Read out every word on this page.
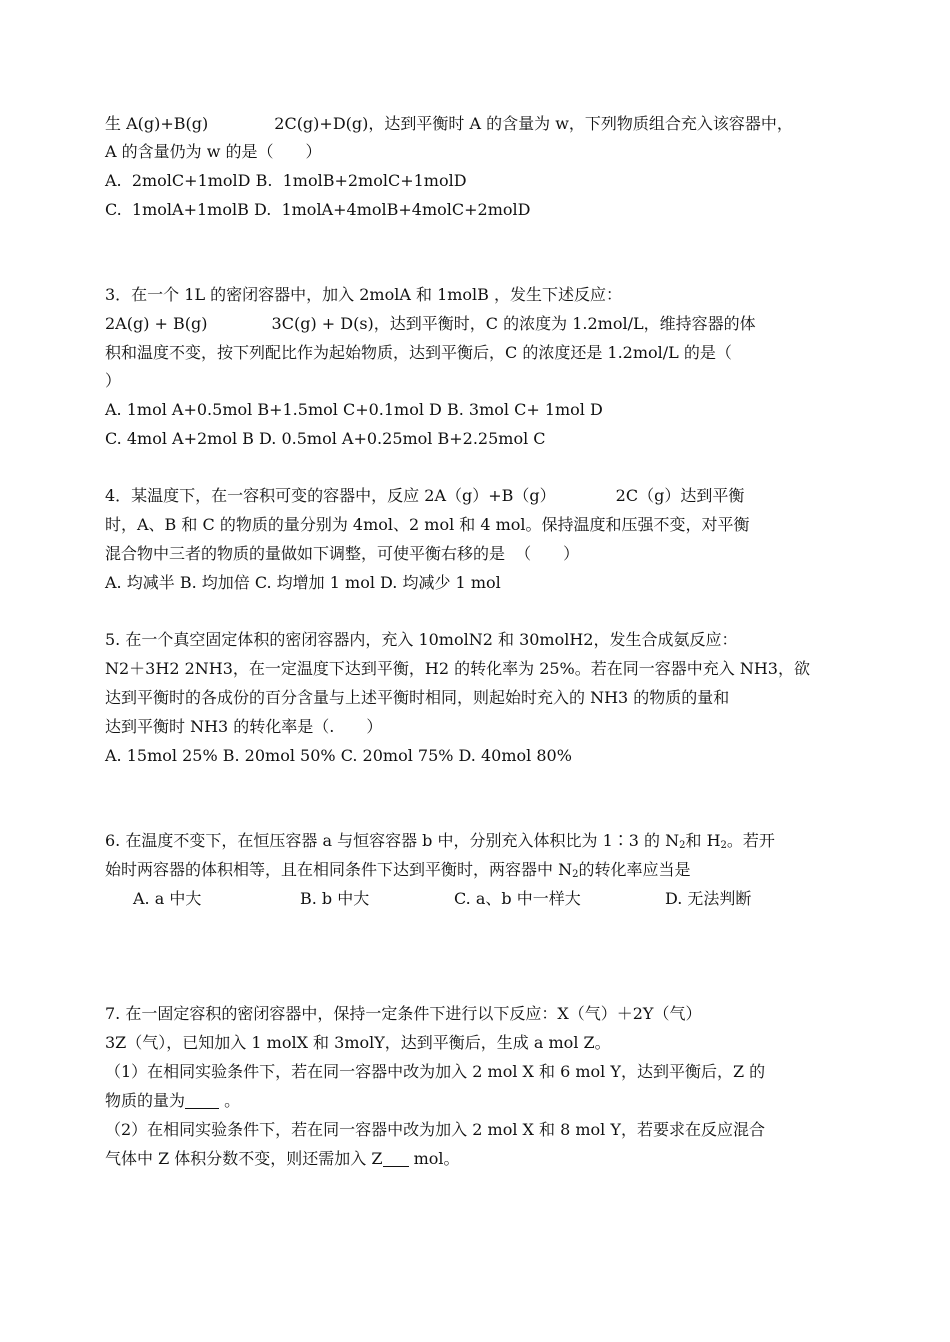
生 A(g)+B(g)	2C(g)+D(g)，达到平衡时 A 的含量为 w，下列物质组合充入该容器中，
A 的含量仍为 w 的是（　　）
A.  2molC+1molD B.  1molB+2molC+1molD
C.  1molA+1molB D.  1molA+4molB+4molC+2molD
3．在一个 1L 的密闭容器中，加入 2molA 和 1molB ，发生下述反应：
2A(g) + B(g)	3C(g) + D(s)，达到平衡时，C 的浓度为 1.2mol/L，维持容器的体
积和温度不变，按下列配比作为起始物质，达到平衡后，C 的浓度还是 1.2mol/L 的是（
）
A. 1mol A+0.5mol B+1.5mol C+0.1mol D B. 3mol C+ 1mol D
C. 4mol A+2mol B D. 0.5mol A+0.25mol B+2.25mol C
4．某温度下，在一容积可变的容器中，反应 2A（g）+B（g）	2C（g）达到平衡
时，A、B 和 C 的物质的量分别为 4mol、2 mol 和 4 mol。保持温度和压强不变，对平衡
混合物中三者的物质的量做如下调整，可使平衡右移的是  （　　）
A. 均减半 B. 均加倍 C. 均增加 1 mol D. 均减少 1 mol
5. 在一个真空固定体积的密闭容器内，充入 10molN2 和 30molH2，发生合成氨反应：
N2＋3H2 2NH3，在一定温度下达到平衡，H2 的转化率为 25%。若在同一容器中充入 NH3，欲
达到平衡时的各成份的百分含量与上述平衡时相同，则起始时充入的 NH3 的物质的量和
达到平衡时 NH3 的转化率是（.　　）
A. 15mol 25% B. 20mol 50% C. 20mol 75% D. 40mol 80%
6. 在温度不变下，在恒压容器 a 与恒容容器 b 中，分别充入体积比为 1∶3 的 $N_2$和 $H_2$。若开
始时两容器的体积相等，且在相同条件下达到平衡时，两容器中 $N_2$的转化率应当是
A. a 中大	B. b 中大	C. a、b 中一样大	D. 无法判断
7. 在一固定容积的密闭容器中，保持一定条件下进行以下反应：X（气）＋2Y（气）
3Z（气），已知加入 1 molX 和 3molY，达到平衡后，生成 a mol Z。
（1）在相同实验条件下，若在同一容器中改为加入 2 mol X 和 6 mol Y，达到平衡后，Z 的
物质的量为 。
（2）在相同实验条件下，若在同一容器中改为加入 2 mol X 和 8 mol Y，若要求在反应混合
气体中 Z 体积分数不变，则还需加入 Z mol。
